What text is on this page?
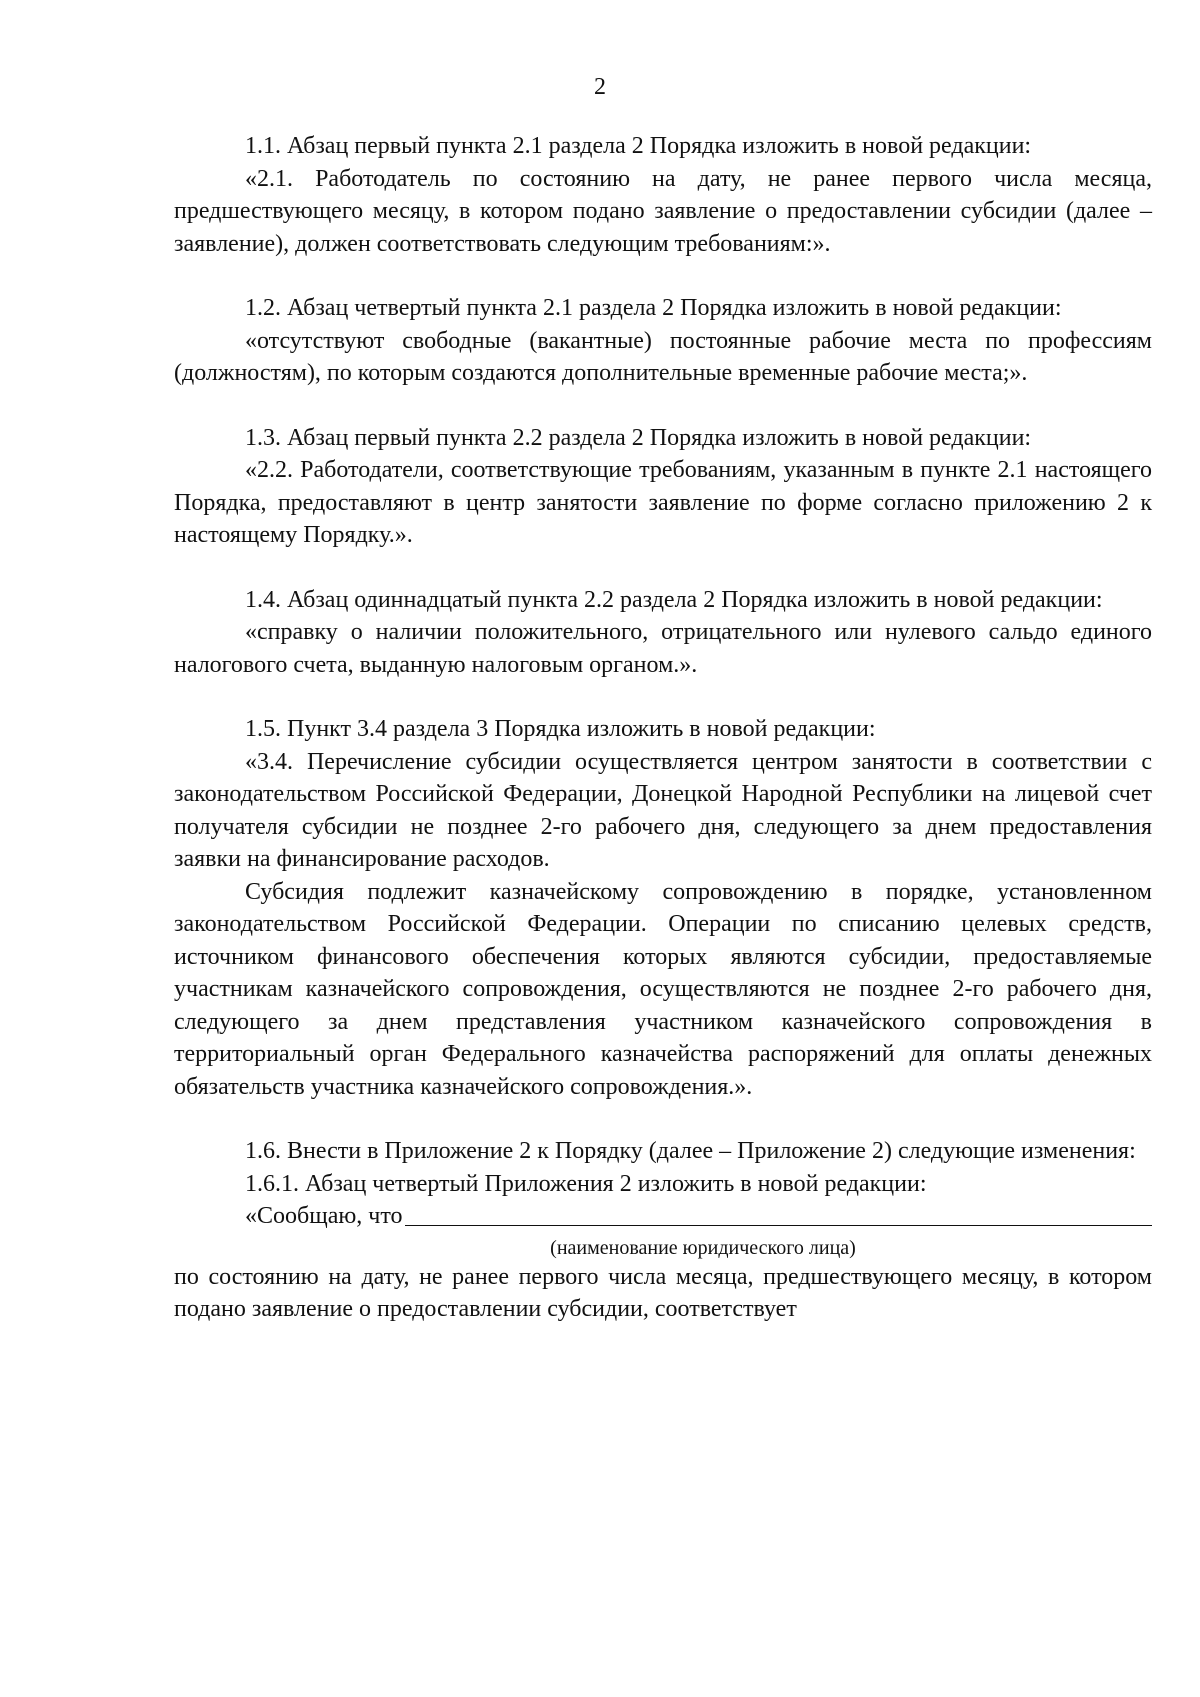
2

1.1. Абзац первый пункта 2.1 раздела 2 Порядка изложить в новой редакции:

«2.1. Работодатель по состоянию на дату, не ранее первого числа месяца, предшествующего месяцу, в котором подано заявление о предоставлении субсидии (далее – заявление), должен соответствовать следующим требованиям:».

1.2. Абзац четвертый пункта 2.1 раздела 2 Порядка изложить в новой редакции:

«отсутствуют свободные (вакантные) постоянные рабочие места по профессиям (должностям), по которым создаются дополнительные временные рабочие места;».

1.3. Абзац первый пункта 2.2 раздела 2 Порядка изложить в новой редакции:

«2.2. Работодатели, соответствующие требованиям, указанным в пункте 2.1 настоящего Порядка, предоставляют в центр занятости заявление по форме согласно приложению 2 к настоящему Порядку.».

1.4. Абзац одиннадцатый пункта 2.2 раздела 2 Порядка изложить в новой редакции:

«справку о наличии положительного, отрицательного или нулевого сальдо единого налогового счета, выданную налоговым органом.».

1.5. Пункт 3.4 раздела 3 Порядка изложить в новой редакции:

«3.4. Перечисление субсидии осуществляется центром занятости в соответствии с законодательством Российской Федерации, Донецкой Народной Республики на лицевой счет получателя субсидии не позднее 2-го рабочего дня, следующего за днем предоставления заявки на финансирование расходов.

Субсидия подлежит казначейскому сопровождению в порядке, установленном законодательством Российской Федерации. Операции по списанию целевых средств, источником финансового обеспечения которых являются субсидии, предоставляемые участникам казначейского сопровождения, осуществляются не позднее 2-го рабочего дня, следующего за днем представления участником казначейского сопровождения в территориальный орган Федерального казначейства распоряжений для оплаты денежных обязательств участника казначейского сопровождения.».

1.6. Внести в Приложение 2 к Порядку (далее – Приложение 2) следующие изменения:

1.6.1. Абзац четвертый Приложения 2 изложить в новой редакции:

«Сообщаю, что
(наименование юридического лица)

по состоянию на дату, не ранее первого числа месяца, предшествующего месяцу, в котором подано заявление о предоставлении субсидии, соответствует
